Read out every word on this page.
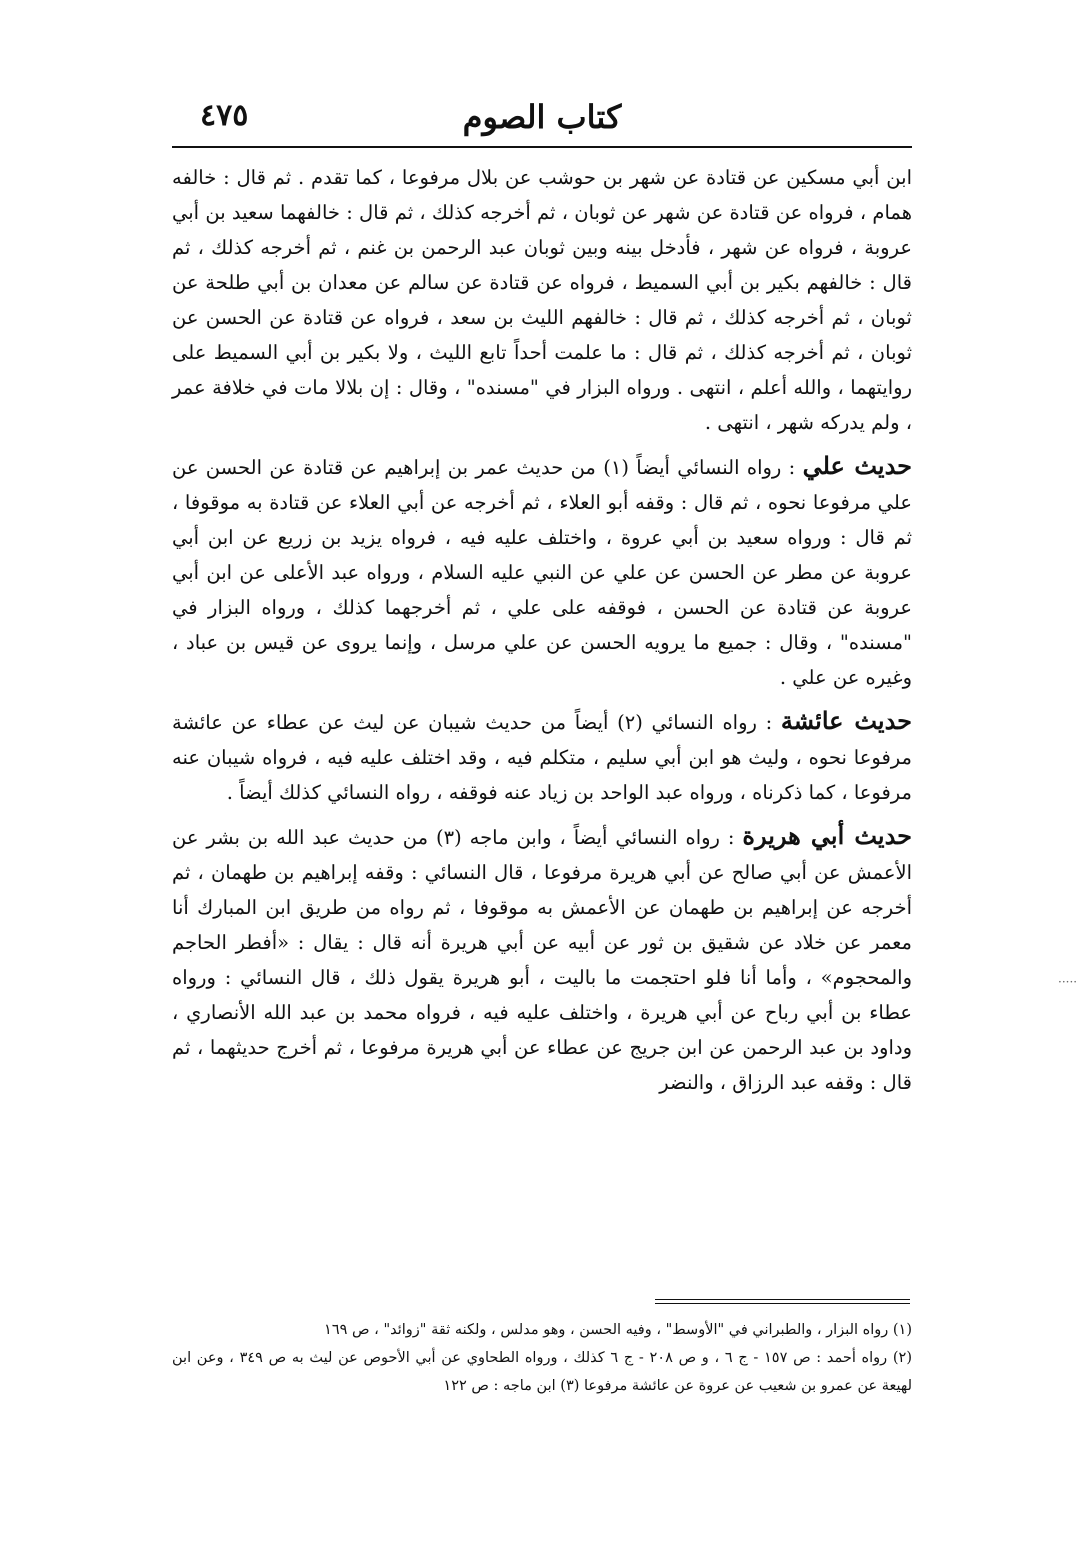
٤٧٥	كتاب الصوم

ابن أبي مسكين عن قتادة عن شهر بن حوشب عن بلال مرفوعا ، كما تقدم . ثم قال : خالفه همام ، فرواه عن قتادة عن شهر عن ثوبان ، ثم أخرجه كذلك ، ثم قال : خالفهما سعيد بن أبي عروبة ، فرواه عن شهر ، فأدخل بينه وبين ثوبان عبد الرحمن بن غنم ، ثم أخرجه كذلك ، ثم قال : خالفهم بكير بن أبي السميط ، فرواه عن قتادة عن سالم عن معدان بن أبي طلحة عن ثوبان ، ثم أخرجه كذلك ، ثم قال : خالفهم الليث بن سعد ، فرواه عن قتادة عن الحسن عن ثوبان ، ثم أخرجه كذلك ، ثم قال : ما علمت أحداً تابع الليث ، ولا بكير بن أبي السميط على روايتهما ، والله أعلم ، انتهى . ورواه البزار في "مسنده" ، وقال : إن بلالا مات في خلافة عمر ، ولم يدركه شهر ، انتهى .

حديث علي : رواه النسائي أيضاً (١) من حديث عمر بن إبراهيم عن قتادة عن الحسن عن علي مرفوعا نحوه ، ثم قال : وقفه أبو العلاء ، ثم أخرجه عن أبي العلاء عن قتادة به موقوفا ، ثم قال : ورواه سعيد بن أبي عروة ، واختلف عليه فيه ، فرواه يزيد بن زريع عن ابن أبي عروبة عن مطر عن الحسن عن علي عن النبي عليه السلام ، ورواه عبد الأعلى عن ابن أبي عروبة عن قتادة عن الحسن ، فوقفه على علي ، ثم أخرجهما كذلك ، ورواه البزار في "مسنده" ، وقال : جميع ما يرويه الحسن عن علي مرسل ، وإنما يروى عن قيس بن عباد ، وغيره عن علي .

حديث عائشة : رواه النسائي (٢) أيضاً من حديث شيبان عن ليث عن عطاء عن عائشة مرفوعا نحوه ، وليث هو ابن أبي سليم ، متكلم فيه ، وقد اختلف عليه فيه ، فرواه شيبان عنه مرفوعا ، كما ذكرناه ، ورواه عبد الواحد بن زياد عنه فوقفه ، رواه النسائي كذلك أيضاً .

حديث أبي هريرة : رواه النسائي أيضاً ، وابن ماجه (٣) من حديث عبد الله بن بشر عن الأعمش عن أبي صالح عن أبي هريرة مرفوعا ، قال النسائي : وقفه إبراهيم بن طهمان ، ثم أخرجه عن إبراهيم بن طهمان عن الأعمش به موقوفا ، ثم رواه من طريق ابن المبارك أنا معمر عن خلاد عن شقيق بن ثور عن أبيه عن أبي هريرة أنه قال : يقال : «أفطر الحاجم والمحجوم» ، وأما أنا فلو احتجمت ما باليت ، أبو هريرة يقول ذلك ، قال النسائي : ورواه عطاء بن أبي رباح عن أبي هريرة ، واختلف عليه فيه ، فرواه محمد بن عبد الله الأنصاري ، وداود بن عبد الرحمن عن ابن جريج عن عطاء عن أبي هريرة مرفوعا ، ثم أخرج حديثهما ، ثم قال : وقفه عبد الرزاق ، والنضر

(١) رواه البزار ، والطبراني في "الأوسط" ، وفيه الحسن ، وهو مدلس ، ولكنه ثقة "زوائد" ، ص ١٦٩

(٢) رواه أحمد : ص ١٥٧ - ج ٦ ، و ص ٢٠٨ - ج ٦ كذلك ، ورواه الطحاوي عن أبي الأحوص عن ليث به ص ٣٤٩ ، وعن ابن لهيعة عن عمرو بن شعيب عن عروة عن عائشة مرفوعا (٣) ابن ماجه : ص ١٢٢

·····
